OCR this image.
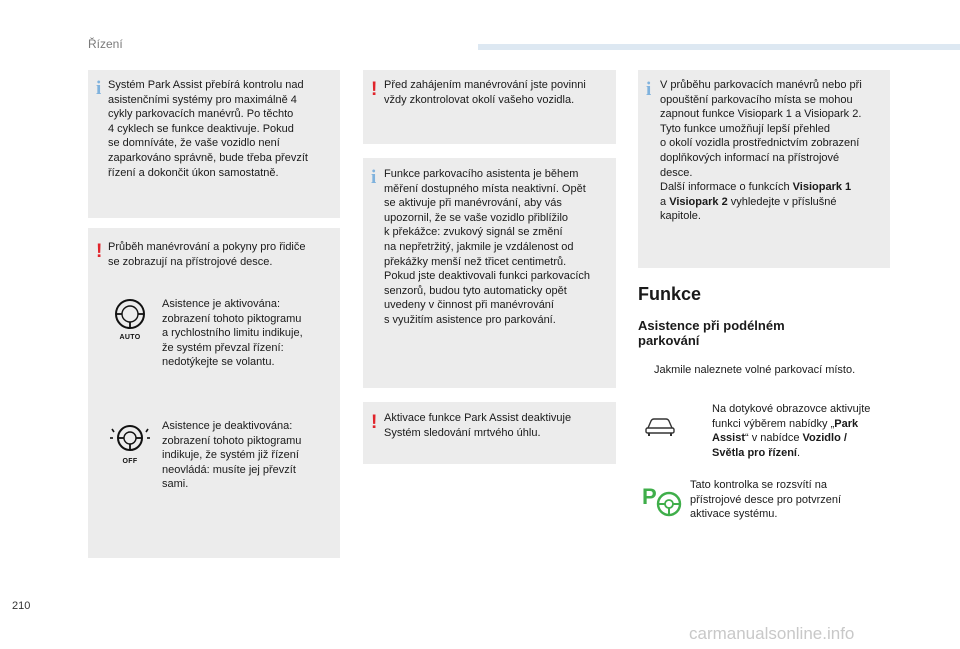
Řízení
i Systém Park Assist přebírá kontrolu nad
asistenčními systémy pro maximálně 4
cykly parkovacích manévrů. Po těchto
4 cyklech se funkce deaktivuje. Pokud
se domníváte, že vaše vozidlo není
zaparkováno správně, bude třeba převzít
řízení a dokončit úkon samostatně.
! Průběh manévrování a pokyny pro řidiče
se zobrazují na přístrojové desce.
AUTO
Asistence je aktivována:
zobrazení tohoto piktogramu
a rychlostního limitu indikuje,
že systém převzal řízení:
nedotýkejte se volantu.
OFF
Asistence je deaktivována:
zobrazení tohoto piktogramu
indikuje, že systém již řízení
neovládá: musíte jej převzít
sami.
! Před zahájením manévrování jste povinni
vždy zkontrolovat okolí vašeho vozidla.
i Funkce parkovacího asistenta je během
měření dostupného místa neaktivní. Opět
se aktivuje při manévrování, aby vás
upozornil, že se vaše vozidlo přiblížilo
k překážce: zvukový signál se změní
na nepřetržitý, jakmile je vzdálenost od
překážky menší než třicet centimetrů.
Pokud jste deaktivovali funkci parkovacích
senzorů, budou tyto automaticky opět
uvedeny v činnost při manévrování
s využitím asistence pro parkování.
! Aktivace funkce Park Assist deaktivuje
Systém sledování mrtvého úhlu.
i V průběhu parkovacích manévrů nebo při
opouštění parkovacího místa se mohou
zapnout funkce Visiopark 1 a Visiopark 2.
Tyto funkce umožňují lepší přehled
o okolí vozidla prostřednictvím zobrazení
doplňkových informací na přístrojové
desce.
Další informace o funkcích Visiopark 1
a Visiopark 2 vyhledejte v příslušné
kapitole.
Funkce
Asistence při podélném
parkování
Jakmile naleznete volné parkovací místo.
Na dotykové obrazovce aktivujte
funkci výběrem nabídky „Park
Assist“ v nabídce Vozidlo /
Světla pro řízení.
P	Tato kontrolka se rozsvítí na
přístrojové desce pro potvrzení
aktivace systému.
210
carmanualsonline.info
